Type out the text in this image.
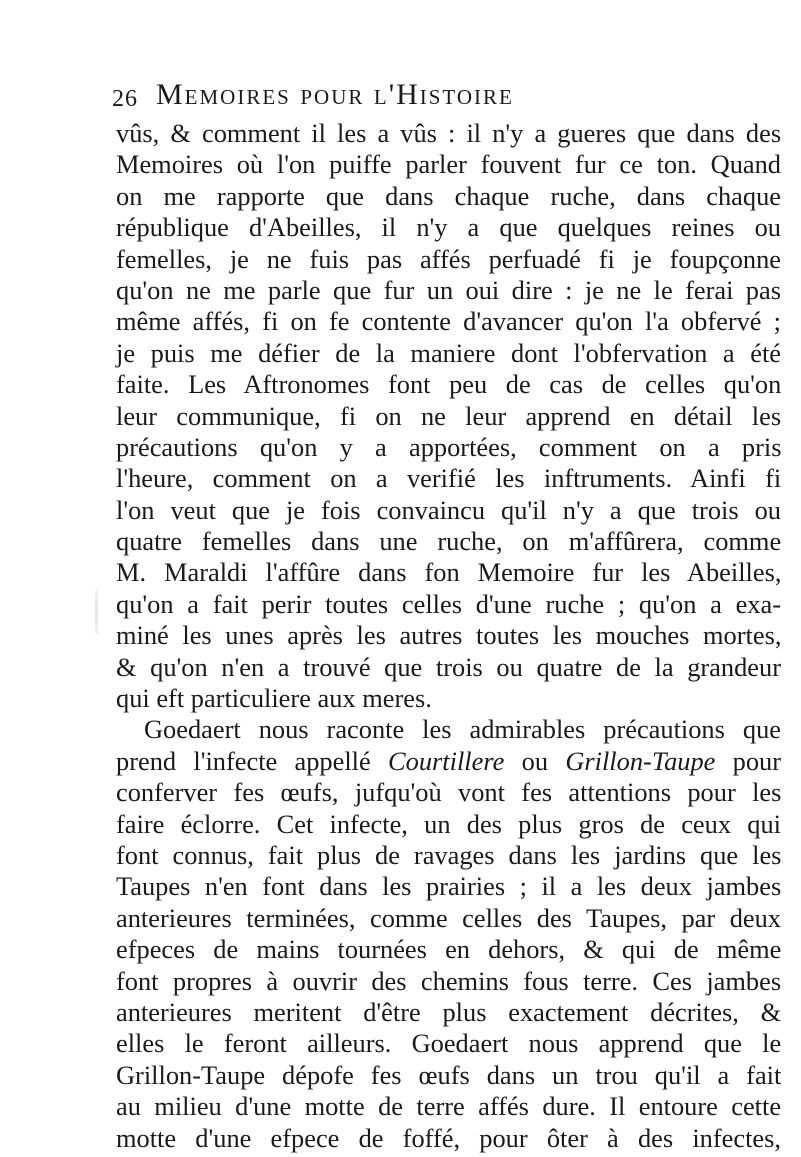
26 Memoires pour l'Histoire
vûs, & comment il les a vûs : il n'y a gueres que dans des
Memoires où l'on puiffe parler fouvent fur ce ton. Quand
on me rapporte que dans chaque ruche, dans chaque
république d'Abeilles, il n'y a que quelques reines ou
femelles, je ne fuis pas affés perfuadé fi je foupçonne
qu'on ne me parle que fur un oui dire : je ne le ferai pas
même affés, fi on fe contente d'avancer qu'on l'a obfervé ;
je puis me défier de la maniere dont l'obfervation a été
faite. Les Aftronomes font peu de cas de celles qu'on
leur communique, fi on ne leur apprend en détail les
précautions qu'on y a apportées, comment on a pris
l'heure, comment on a verifié les inftruments. Ainfi fi
l'on veut que je fois convaincu qu'il n'y a que trois ou
quatre femelles dans une ruche, on m'affûrera, comme
M. Maraldi l'affûre dans fon Memoire fur les Abeilles,
qu'on a fait perir toutes celles d'une ruche ; qu'on a exa-
miné les unes après les autres toutes les mouches mortes,
& qu'on n'en a trouvé que trois ou quatre de la grandeur
qui eft particuliere aux meres.
Goedaert nous raconte les admirables précautions que
prend l'infecte appellé Courtillere ou Grillon-Taupe pour
conferver fes œufs, jufqu'où vont fes attentions pour les
faire éclorre. Cet infecte, un des plus gros de ceux qui
font connus, fait plus de ravages dans les jardins que les
Taupes n'en font dans les prairies ; il a les deux jambes
anterieures terminées, comme celles des Taupes, par deux
efpeces de mains tournées en dehors, & qui de même
font propres à ouvrir des chemins fous terre. Ces jambes
anterieures meritent d'être plus exactement décrites, &
elles le feront ailleurs. Goedaert nous apprend que le
Grillon-Taupe dépofe fes œufs dans un trou qu'il a fait
au milieu d'une motte de terre affés dure. Il entoure cette
motte d'une efpece de foffé, pour ôter à des infectes,
